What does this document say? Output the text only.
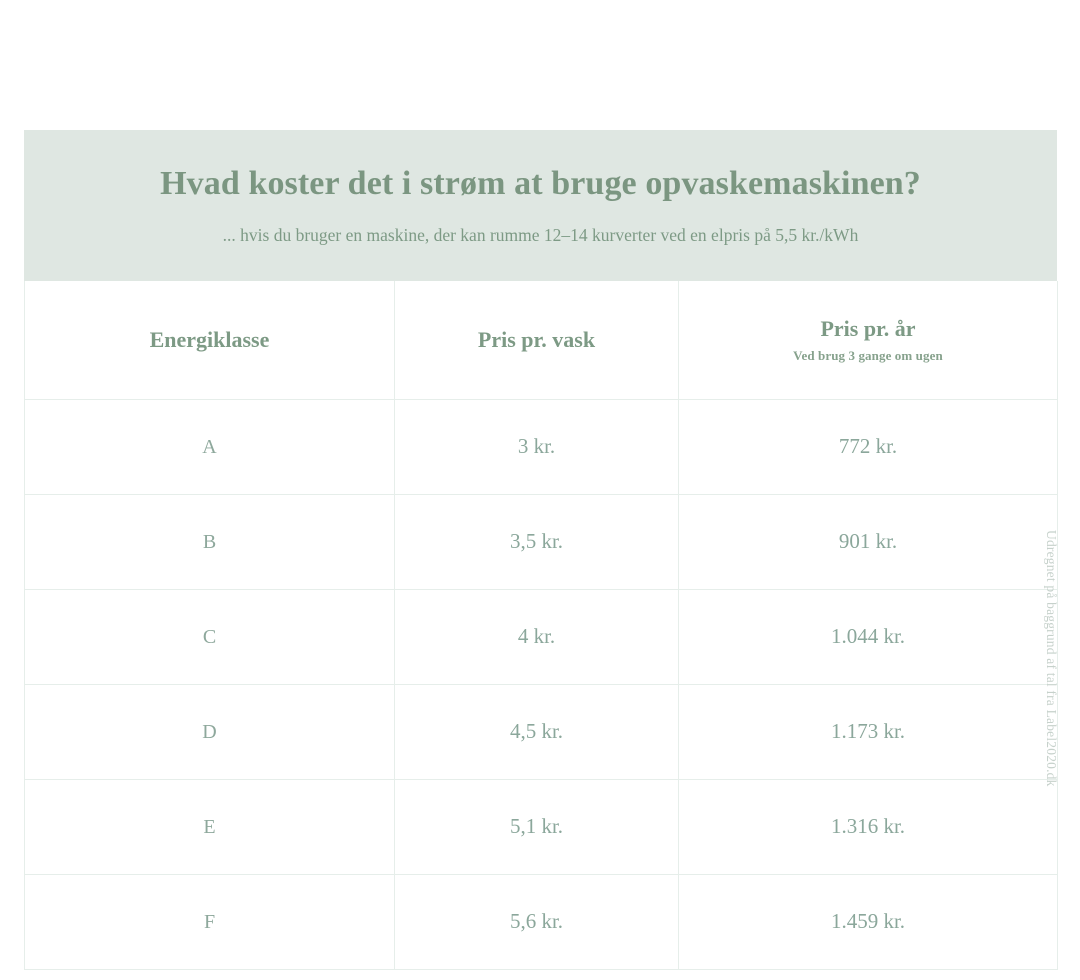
Hvad koster det i strøm at bruge opvaskemaskinen?

... hvis du bruger en maskine, der kan rumme 12–14 kurverter ved en elpris på 5,5 kr./kWh

Energiklasse	Pris pr. vask	Pris pr. år
Ved brug 3 gange om ugen

A	3 kr.	772 kr.
B	3,5 kr.	901 kr.
C	4 kr.	1.044 kr.
D	4,5 kr.	1.173 kr.
E	5,1 kr.	1.316 kr.
F	5,6 kr.	1.459 kr.
Udregnet på baggrund af tal fra Label2020.dk
